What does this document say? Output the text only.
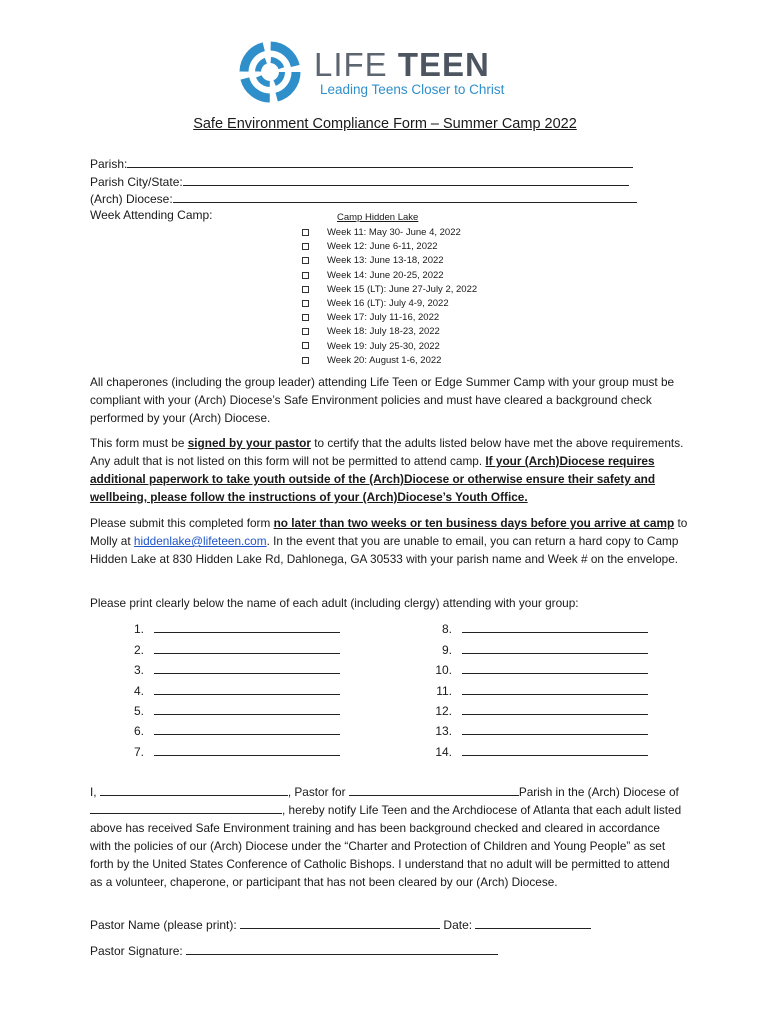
LIFE TEEN
Leading Teens Closer to Christ
Safe Environment Compliance Form – Summer Camp 2022
Parish:
Parish City/State:
(Arch) Diocese:
Week Attending Camp:	Camp Hidden Lake
Week 11: May 30- June 4, 2022
Week 12: June 6-11, 2022
Week 13: June 13-18, 2022
Week 14: June 20-25, 2022
Week 15 (LT): June 27-July 2, 2022
Week 16 (LT): July 4-9, 2022
Week 17: July 11-16, 2022
Week 18: July 18-23, 2022
Week 19: July 25-30, 2022
Week 20: August 1-6, 2022
All chaperones (including the group leader) attending Life Teen or Edge Summer Camp with your group must be compliant with your (Arch) Diocese’s Safe Environment policies and must have cleared a background check performed by your (Arch) Diocese.
This form must be signed by your pastor to certify that the adults listed below have met the above requirements. Any adult that is not listed on this form will not be permitted to attend camp. If your (Arch)Diocese requires additional paperwork to take youth outside of the (Arch)Diocese or otherwise ensure their safety and wellbeing, please follow the instructions of your (Arch)Diocese’s Youth Office.
Please submit this completed form no later than two weeks or ten business days before you arrive at camp to Molly at hiddenlake@lifeteen.com. In the event that you are unable to email, you can return a hard copy to Camp Hidden Lake at 830 Hidden Lake Rd, Dahlonega, GA 30533 with your parish name and Week # on the envelope.
Please print clearly below the name of each adult (including clergy) attending with your group:
1.
2.
3.
4.
5.
6.
7.
8.
9.
10.
11.
12.
13.
14.
I,	, Pastor for	Parish in the (Arch) Diocese of
, hereby notify Life Teen and the Archdiocese of Atlanta that each adult listed above has received Safe Environment training and has been background checked and cleared in accordance with the policies of our (Arch) Diocese under the “Charter and Protection of Children and Young People” as set forth by the United States Conference of Catholic Bishops. I understand that no adult will be permitted to attend as a volunteer, chaperone, or participant that has not been cleared by our (Arch) Diocese.
Pastor Name (please print):	Date:
Pastor Signature:
